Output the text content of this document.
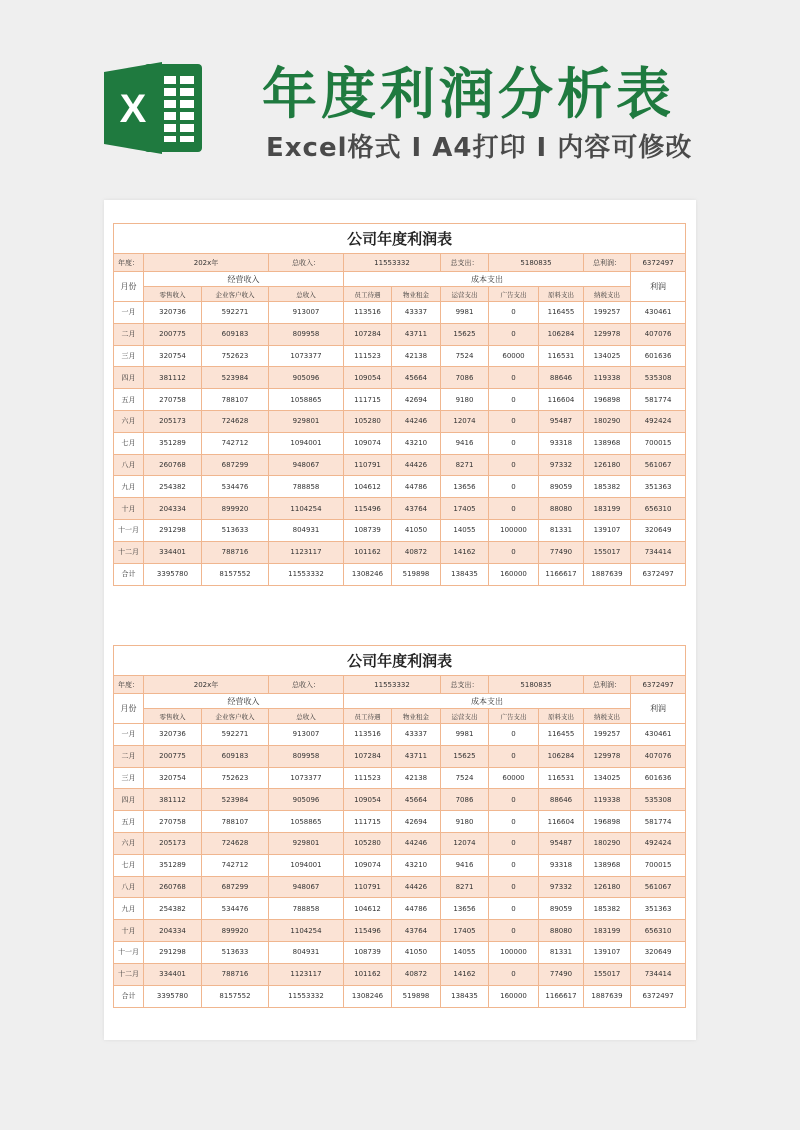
X 年度利润分析表
Excel格式 I A4打印 I 内容可修改
公司年度利润表										
年度：	202x年		总收入：	11553332		总支出：	5180835		总利润：	6372497
月份	经营收入			成本支出						利润
	零售收入	企业客户收入	总收入	员工待遇	物业租金	运营支出	广告支出	原料支出	纳税支出	
一月	320736	592271	913007	113516	43337	9981	0	116455	199257	430461
二月	200775	609183	809958	107284	43711	15625	0	106284	129978	407076
三月	320754	752623	1073377	111523	42138	7524	60000	116531	134025	601636
四月	381112	523984	905096	109054	45664	7086	0	88646	119338	535308
五月	270758	788107	1058865	111715	42694	9180	0	116604	196898	581774
六月	205173	724628	929801	105280	44246	12074	0	95487	180290	492424
七月	351289	742712	1094001	109074	43210	9416	0	93318	138968	700015
八月	260768	687299	948067	110791	44426	8271	0	97332	126180	561067
九月	254382	534476	788858	104612	44786	13656	0	89059	185382	351363
十月	204334	899920	1104254	115496	43764	17405	0	88080	183199	656310
十一月	291298	513633	804931	108739	41050	14055	100000	81331	139107	320649
十二月	334401	788716	1123117	101162	40872	14162	0	77490	155017	734414
合计	3395780	8157552	11553332	1308246	519898	138435	160000	1166617	1887639	6372497
公司年度利润表										
年度：	202x年		总收入：	11553332		总支出：	5180835		总利润：	6372497
月份	经营收入			成本支出						利润
	零售收入	企业客户收入	总收入	员工待遇	物业租金	运营支出	广告支出	原料支出	纳税支出	
一月	320736	592271	913007	113516	43337	9981	0	116455	199257	430461
二月	200775	609183	809958	107284	43711	15625	0	106284	129978	407076
三月	320754	752623	1073377	111523	42138	7524	60000	116531	134025	601636
四月	381112	523984	905096	109054	45664	7086	0	88646	119338	535308
五月	270758	788107	1058865	111715	42694	9180	0	116604	196898	581774
六月	205173	724628	929801	105280	44246	12074	0	95487	180290	492424
七月	351289	742712	1094001	109074	43210	9416	0	93318	138968	700015
八月	260768	687299	948067	110791	44426	8271	0	97332	126180	561067
九月	254382	534476	788858	104612	44786	13656	0	89059	185382	351363
十月	204334	899920	1104254	115496	43764	17405	0	88080	183199	656310
十一月	291298	513633	804931	108739	41050	14055	100000	81331	139107	320649
十二月	334401	788716	1123117	101162	40872	14162	0	77490	155017	734414
合计	3395780	8157552	11553332	1308246	519898	138435	160000	1166617	1887639	6372497
